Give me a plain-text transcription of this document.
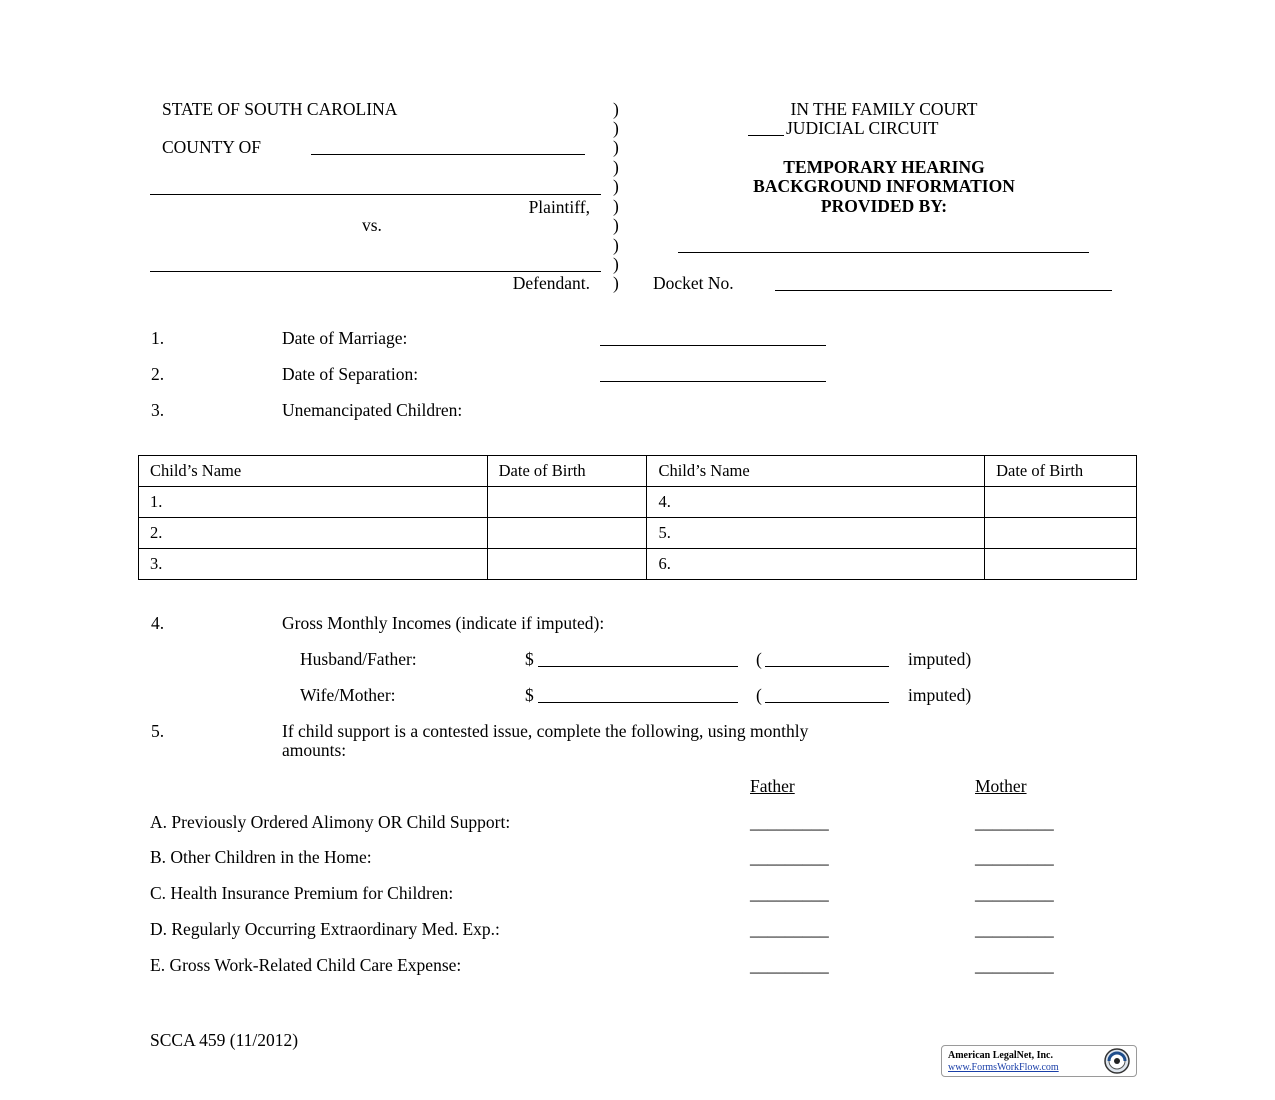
STATE OF SOUTH CAROLINA
COUNTY OF
Plaintiff,
vs.
Defendant.
)
)
)
)
)
)
)
)
)
)
IN THE FAMILY COURT
JUDICIAL CIRCUIT
TEMPORARY HEARING
BACKGROUND INFORMATION
PROVIDED BY:
Docket No.
1.	Date of Marriage:
2.	Date of Separation:
3.	Unemancipated Children:
Child’s Name	Date of Birth	Child’s Name	Date of Birth
1.		4.	
2.		5.	
3.		6.	
4.	Gross Monthly Incomes (indicate if imputed):
Husband/Father:	$	(	imputed)
Wife/Mother:	$	(	imputed)
5.	If child support is a contested issue, complete the following, using monthly
amounts:
Father	Mother
A. Previously Ordered Alimony OR Child Support:	_________	_________
B. Other Children in the Home:	_________	_________
C. Health Insurance Premium for Children:	_________	_________
D. Regularly Occurring Extraordinary Med. Exp.:	_________	_________
E. Gross Work-Related Child Care Expense:	_________	_________
SCCA 459 (11/2012)
American LegalNet, Inc.
www.FormsWorkFlow.com
